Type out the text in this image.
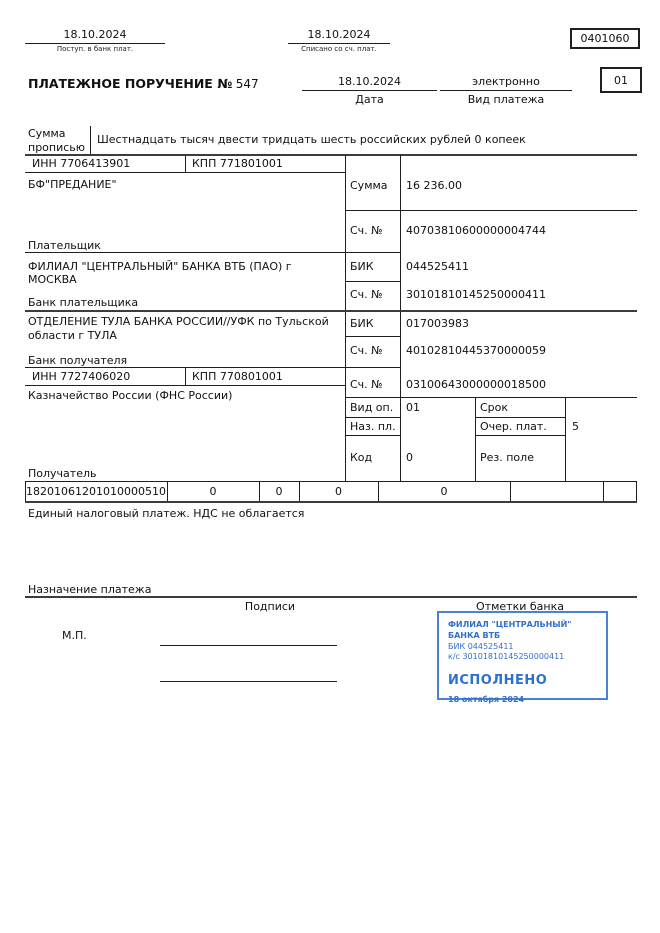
18.10.2024
Поступ. в банк плат.
18.10.2024
Списано со сч. плат.
0401060
ПЛАТЕЖНОЕ ПОРУЧЕНИЕ № 547	18.10.2024
Дата
электронно
Вид платежа
01
Сумма прописью
Шестнадцать тысяч двести тридцать шесть российских рублей 0 копеек
ИНН 7706413901	КПП 771801001
БФ"ПРЕДАНИЕ"
Плательщик
Сумма 16 236.00
Сч. № 40703810600000004744
ФИЛИАЛ "ЦЕНТРАЛЬНЫЙ" БАНКА ВТБ (ПАО) г МОСКВА
БИК	044525411
Сч. № 30101810145250000411
Банк плательщика
ОТДЕЛЕНИЕ ТУЛА БАНКА РОССИИ//УФК по Тульской области г ТУЛА
БИК	017003983
Сч. № 40102810445370000059
Банк получателя
ИНН 7727406020	КПП 770801001
Казначейство России (ФНС России)
Сч. № 03100643000000018500
Вид оп. 01	Срок
Наз. пл.	Очер. плат. 5
Код	0	Рез. поле
Получатель
18201061201010000510	0	0	0	0
Единый налоговый платеж. НДС не облагается
Назначение платежа
Подписи	Отметки банка
М.П.
ФИЛИАЛ "ЦЕНТРАЛЬНЫЙ" БАНКА ВТБ
БИК 044525411
к/с 30101810145250000411
ИСПОЛНЕНО
18 октября 2024
